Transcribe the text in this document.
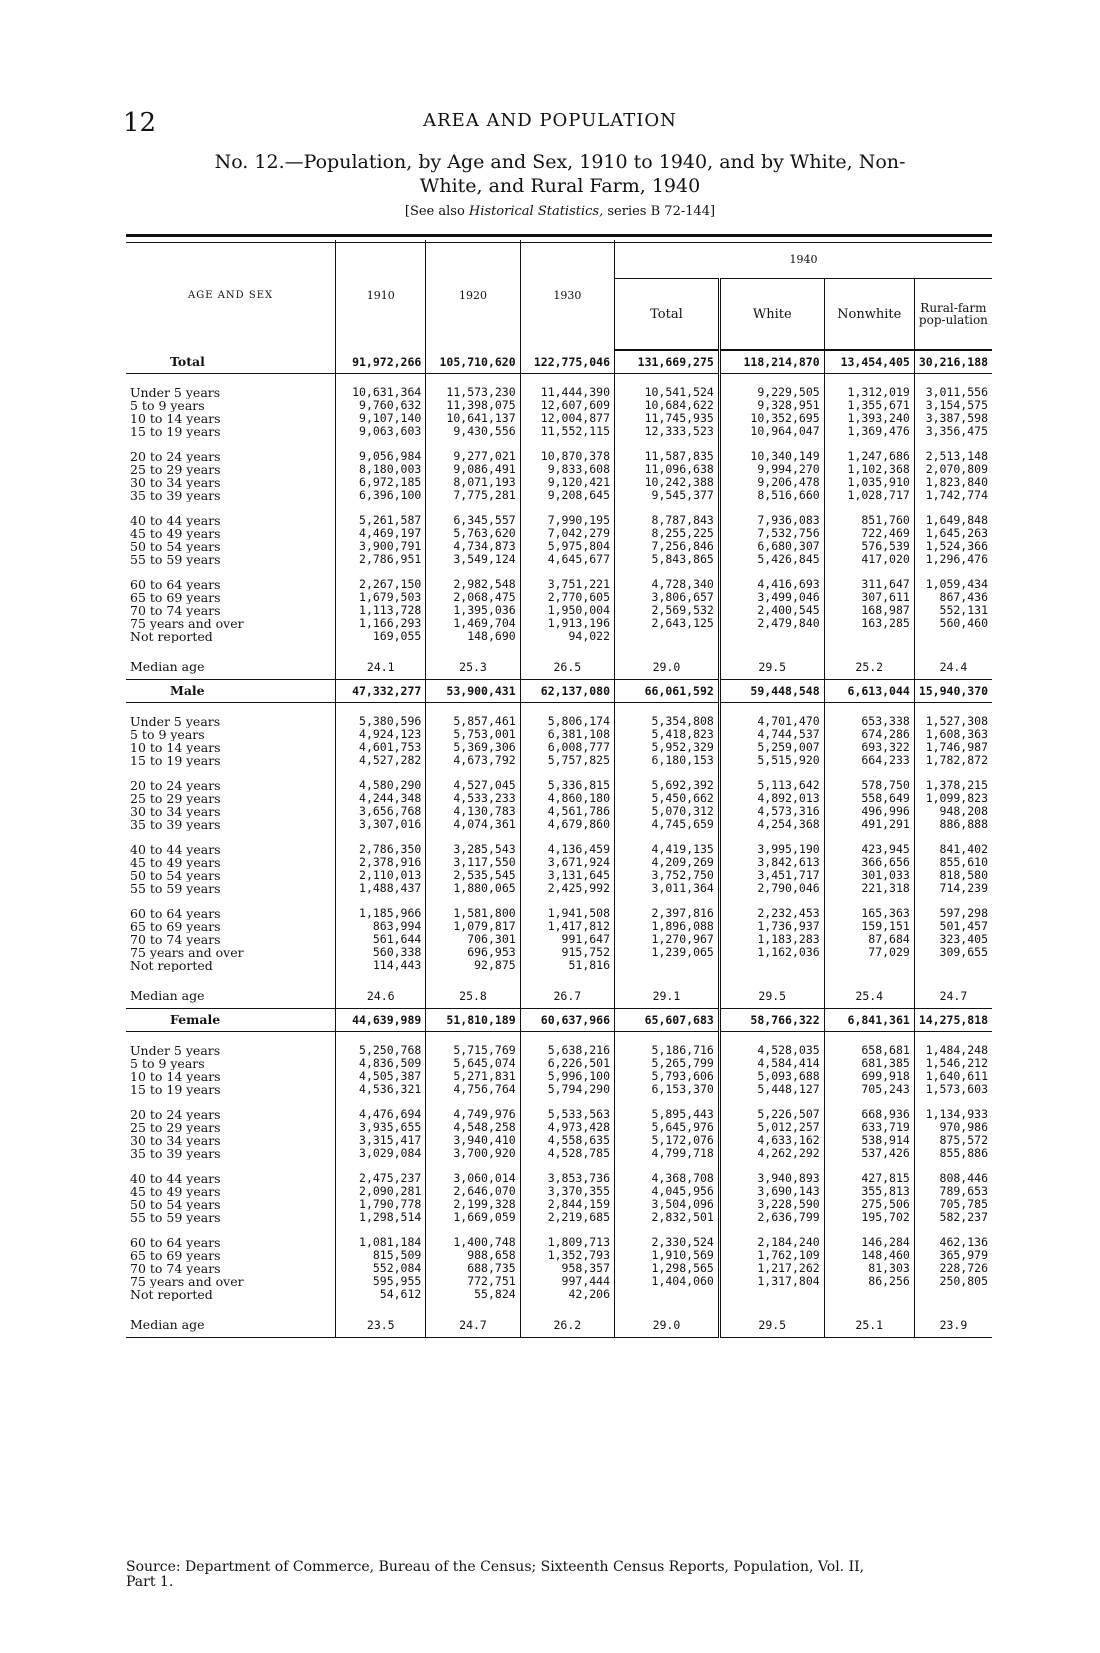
12	AREA AND POPULATION
No. 12.—Population, by Age and Sex, 1910 to 1940, and by White, Non-
White, and Rural Farm, 1940
[See also Historical Statistics, series B 72-144]
AGE AND SEX	1910	1920	1930	1940			
				Total	White	Nonwhite	Rural-farm pop-ulation
Total	91,972,266	105,710,620	122,775,046	131,669,275	118,214,870	13,454,405	30,216,188

Under 5 years	10,631,364	11,573,230	11,444,390	10,541,524	9,229,505	1,312,019	3,011,556
5 to 9 years	9,760,632	11,398,075	12,607,609	10,684,622	9,328,951	1,355,671	3,154,575
10 to 14 years	9,107,140	10,641,137	12,004,877	11,745,935	10,352,695	1,393,240	3,387,598
15 to 19 years	9,063,603	9,430,556	11,552,115	12,333,523	10,964,047	1,369,476	3,356,475

20 to 24 years	9,056,984	9,277,021	10,870,378	11,587,835	10,340,149	1,247,686	2,513,148
25 to 29 years	8,180,003	9,086,491	9,833,608	11,096,638	9,994,270	1,102,368	2,070,809
30 to 34 years	6,972,185	8,071,193	9,120,421	10,242,388	9,206,478	1,035,910	1,823,840
35 to 39 years	6,396,100	7,775,281	9,208,645	9,545,377	8,516,660	1,028,717	1,742,774

40 to 44 years	5,261,587	6,345,557	7,990,195	8,787,843	7,936,083	851,760	1,649,848
45 to 49 years	4,469,197	5,763,620	7,042,279	8,255,225	7,532,756	722,469	1,645,263
50 to 54 years	3,900,791	4,734,873	5,975,804	7,256,846	6,680,307	576,539	1,524,366
55 to 59 years	2,786,951	3,549,124	4,645,677	5,843,865	5,426,845	417,020	1,296,476

60 to 64 years	2,267,150	2,982,548	3,751,221	4,728,340	4,416,693	311,647	1,059,434
65 to 69 years	1,679,503	2,068,475	2,770,605	3,806,657	3,499,046	307,611	867,436
70 to 74 years	1,113,728	1,395,036	1,950,004	2,569,532	2,400,545	168,987	552,131
75 years and over	1,166,293	1,469,704	1,913,196	2,643,125	2,479,840	163,285	560,460
Not reported	169,055	148,690	94,022				

Median age	24.1	25.3	26.5	29.0	29.5	25.2	24.4
Male	47,332,277	53,900,431	62,137,080	66,061,592	59,448,548	6,613,044	15,940,370

Under 5 years	5,380,596	5,857,461	5,806,174	5,354,808	4,701,470	653,338	1,527,308
5 to 9 years	4,924,123	5,753,001	6,381,108	5,418,823	4,744,537	674,286	1,608,363
10 to 14 years	4,601,753	5,369,306	6,008,777	5,952,329	5,259,007	693,322	1,746,987
15 to 19 years	4,527,282	4,673,792	5,757,825	6,180,153	5,515,920	664,233	1,782,872

20 to 24 years	4,580,290	4,527,045	5,336,815	5,692,392	5,113,642	578,750	1,378,215
25 to 29 years	4,244,348	4,533,233	4,860,180	5,450,662	4,892,013	558,649	1,099,823
30 to 34 years	3,656,768	4,130,783	4,561,786	5,070,312	4,573,316	496,996	948,208
35 to 39 years	3,307,016	4,074,361	4,679,860	4,745,659	4,254,368	491,291	886,888

40 to 44 years	2,786,350	3,285,543	4,136,459	4,419,135	3,995,190	423,945	841,402
45 to 49 years	2,378,916	3,117,550	3,671,924	4,209,269	3,842,613	366,656	855,610
50 to 54 years	2,110,013	2,535,545	3,131,645	3,752,750	3,451,717	301,033	818,580
55 to 59 years	1,488,437	1,880,065	2,425,992	3,011,364	2,790,046	221,318	714,239

60 to 64 years	1,185,966	1,581,800	1,941,508	2,397,816	2,232,453	165,363	597,298
65 to 69 years	863,994	1,079,817	1,417,812	1,896,088	1,736,937	159,151	501,457
70 to 74 years	561,644	706,301	991,647	1,270,967	1,183,283	87,684	323,405
75 years and over	560,338	696,953	915,752	1,239,065	1,162,036	77,029	309,655
Not reported	114,443	92,875	51,816				

Median age	24.6	25.8	26.7	29.1	29.5	25.4	24.7
Female	44,639,989	51,810,189	60,637,966	65,607,683	58,766,322	6,841,361	14,275,818

Under 5 years	5,250,768	5,715,769	5,638,216	5,186,716	4,528,035	658,681	1,484,248
5 to 9 years	4,836,509	5,645,074	6,226,501	5,265,799	4,584,414	681,385	1,546,212
10 to 14 years	4,505,387	5,271,831	5,996,100	5,793,606	5,093,688	699,918	1,640,611
15 to 19 years	4,536,321	4,756,764	5,794,290	6,153,370	5,448,127	705,243	1,573,603

20 to 24 years	4,476,694	4,749,976	5,533,563	5,895,443	5,226,507	668,936	1,134,933
25 to 29 years	3,935,655	4,548,258	4,973,428	5,645,976	5,012,257	633,719	970,986
30 to 34 years	3,315,417	3,940,410	4,558,635	5,172,076	4,633,162	538,914	875,572
35 to 39 years	3,029,084	3,700,920	4,528,785	4,799,718	4,262,292	537,426	855,886

40 to 44 years	2,475,237	3,060,014	3,853,736	4,368,708	3,940,893	427,815	808,446
45 to 49 years	2,090,281	2,646,070	3,370,355	4,045,956	3,690,143	355,813	789,653
50 to 54 years	1,790,778	2,199,328	2,844,159	3,504,096	3,228,590	275,506	705,785
55 to 59 years	1,298,514	1,669,059	2,219,685	2,832,501	2,636,799	195,702	582,237

60 to 64 years	1,081,184	1,400,748	1,809,713	2,330,524	2,184,240	146,284	462,136
65 to 69 years	815,509	988,658	1,352,793	1,910,569	1,762,109	148,460	365,979
70 to 74 years	552,084	688,735	958,357	1,298,565	1,217,262	81,303	228,726
75 years and over	595,955	772,751	997,444	1,404,060	1,317,804	86,256	250,805
Not reported	54,612	55,824	42,206				

Median age	23.5	24.7	26.2	29.0	29.5	25.1	23.9
Source: Department of Commerce, Bureau of the Census; Sixteenth Census Reports, Population, Vol. II,
Part 1.
